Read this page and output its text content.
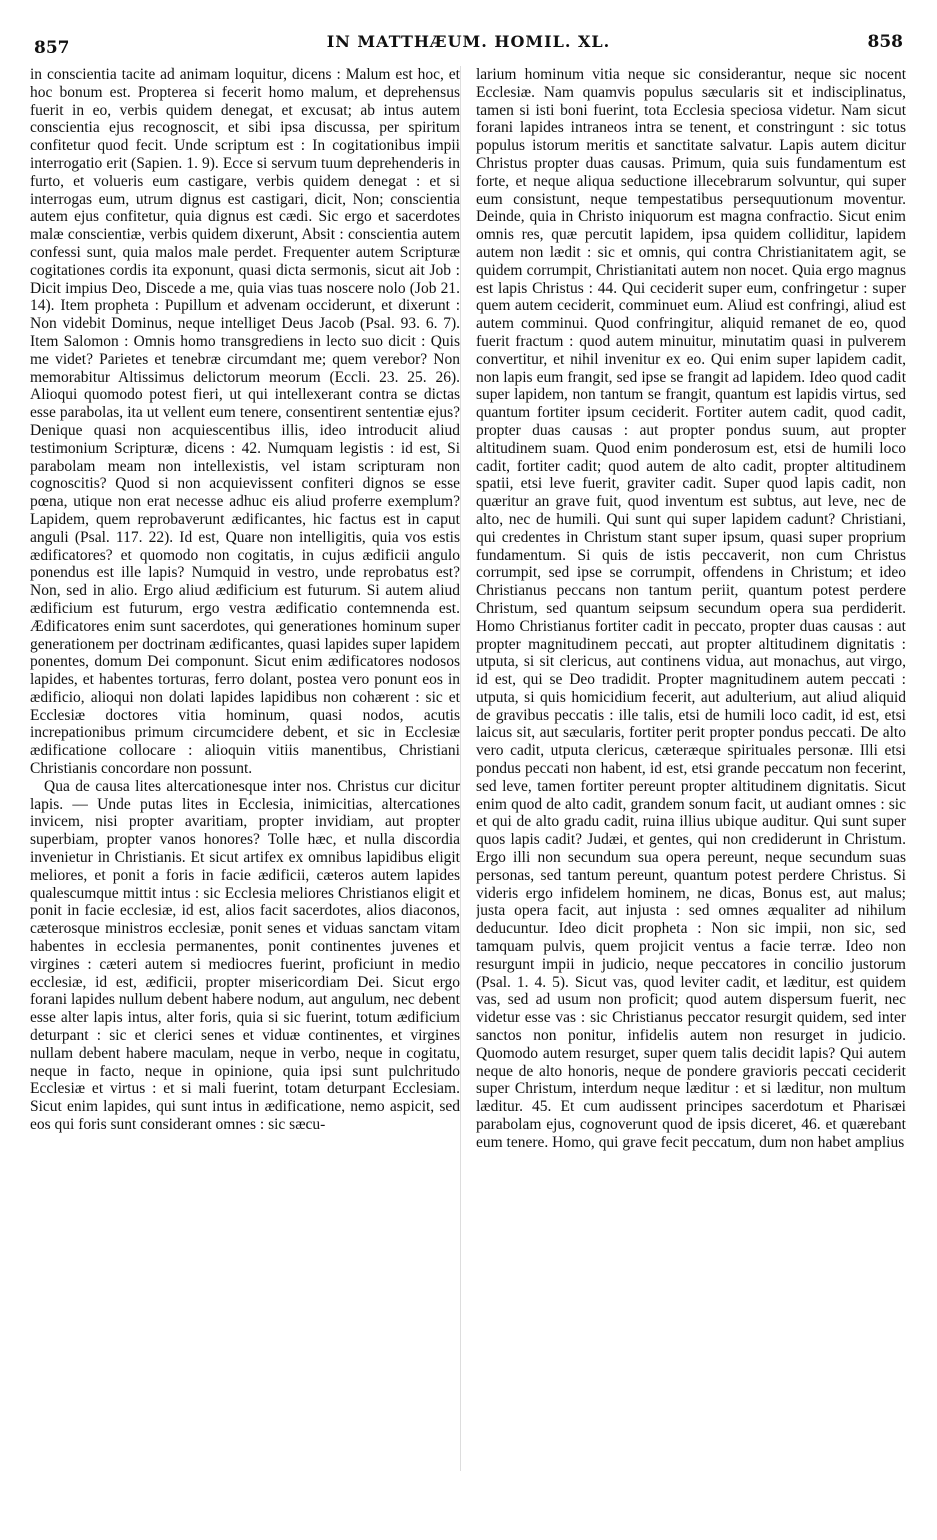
857	IN MATTHÆUM. HOMIL. XL.	858

in conscientia tacite ad animam loquitur, dicens : Malum est hoc, et hoc bonum est. Propterea si fecerit homo malum, et deprehensus fuerit in eo, verbis quidem denegat, et excusat; ab intus autem conscientia ejus recognoscit, et sibi ipsa discussa, per spiritum confitetur quod fecit. Unde scriptum est : In cogitationibus impii interrogatio erit (Sapien. 1. 9). Ecce si servum tuum deprehenderis in furto, et volueris eum castigare, verbis quidem denegat : et si interrogas eum, utrum dignus est castigari, dicit, Non; conscientia autem ejus confitetur, quia dignus est cædi. Sic ergo et sacerdotes malæ conscientiæ, verbis quidem dixerunt, Absit : conscientia autem confessi sunt, quia malos male perdet. Frequenter autem Scripturæ cogitationes cordis ita exponunt, quasi dicta sermonis, sicut ait Job : Dicit impius Deo, Discede a me, quia vias tuas noscere nolo (Job 21. 14). Item propheta : Pupillum et advenam occiderunt, et dixerunt : Non videbit Dominus, neque intelliget Deus Jacob (Psal. 93. 6. 7). Item Salomon : Omnis homo transgrediens in lecto suo dicit : Quis me videt? Parietes et tenebræ circumdant me; quem verebor? Non memorabitur Altissimus delictorum meorum (Eccli. 23. 25. 26). Alioqui quomodo potest fieri, ut qui intellexerant contra se dictas esse parabolas, ita ut vellent eum tenere, consentirent sententiæ ejus? Denique quasi non acquiescentibus illis, ideo introducit aliud testimonium Scripturæ, dicens : 42. Numquam legistis : id est, Si parabolam meam non intellexistis, vel istam scripturam non cognoscitis? Quod si non acquievissent confiteri dignos se esse pœna, utique non erat necesse adhuc eis aliud proferre exemplum? Lapidem, quem reprobaverunt ædificantes, hic factus est in caput anguli (Psal. 117. 22). Id est, Quare non intelligitis, quia vos estis ædificatores? et quomodo non cogitatis, in cujus ædificii angulo ponendus est ille lapis? Numquid in vestro, unde reprobatus est? Non, sed in alio. Ergo aliud ædificium est futurum. Si autem aliud ædificium est futurum, ergo vestra ædificatio contemnenda est. Ædificatores enim sunt sacerdotes, qui generationes hominum super generationem per doctrinam ædificantes, quasi lapides super lapidem ponentes, domum Dei componunt. Sicut enim ædificatores nodosos lapides, et habentes torturas, ferro dolant, postea vero ponunt eos in ædificio, alioqui non dolati lapides lapidibus non cohærent : sic et Ecclesiæ doctores vitia hominum, quasi nodos, acutis increpationibus primum circumcidere debent, et sic in Ecclesiæ ædificatione collocare : alioquin vitiis manentibus, Christiani Christianis concordare non possunt.

Qua de causa lites altercationesque inter nos. Christus cur dicitur lapis. — Unde putas lites in Ecclesia, inimicitias, altercationes invicem, nisi propter avaritiam, propter invidiam, aut propter superbiam, propter vanos honores? Tolle hæc, et nulla discordia invenietur in Christianis. Et sicut artifex ex omnibus lapidibus eligit meliores, et ponit a foris in facie ædificii, cæteros autem lapides qualescumque mittit intus : sic Ecclesia meliores Christianos eligit et ponit in facie ecclesiæ, id est, alios facit sacerdotes, alios diaconos, cæterosque ministros ecclesiæ, ponit senes et viduas sanctam vitam habentes in ecclesia permanentes, ponit continentes juvenes et virgines : cæteri autem si mediocres fuerint, proficiunt in medio ecclesiæ, id est, ædificii, propter misericordiam Dei. Sicut ergo forani lapides nullum debent habere nodum, aut angulum, nec debent esse alter lapis intus, alter foris, quia si sic fuerint, totum ædificium deturpant : sic et clerici senes et viduæ continentes, et virgines nullam debent habere maculam, neque in verbo, neque in cogitatu, neque in facto, neque in opinione, quia ipsi sunt pulchritudo Ecclesiæ et virtus : et si mali fuerint, totam deturpant Ecclesiam. Sicut enim lapides, qui sunt intus in ædificatione, nemo aspicit, sed eos qui foris sunt considerant omnes : sic sæcu-

larium hominum vitia neque sic considerantur, neque sic nocent Ecclesiæ. Nam quamvis populus sæcularis sit et indisciplinatus, tamen si isti boni fuerint, tota Ecclesia speciosa videtur. Nam sicut forani lapides intraneos intra se tenent, et constringunt : sic totus populus istorum meritis et sanctitate salvatur. Lapis autem dicitur Christus propter duas causas. Primum, quia suis fundamentum est forte, et neque aliqua seductione illecebrarum solvuntur, qui super eum consistunt, neque tempestatibus persequutionum moventur. Deinde, quia in Christo iniquorum est magna confractio. Sicut enim omnis res, quæ percutit lapidem, ipsa quidem colliditur, lapidem autem non lædit : sic et omnis, qui contra Christianitatem agit, se quidem corrumpit, Christianitati autem non nocet. Quia ergo magnus est lapis Christus : 44. Qui ceciderit super eum, confringetur : super quem autem ceciderit, comminuet eum. Aliud est confringi, aliud est autem comminui. Quod confringitur, aliquid remanet de eo, quod fuerit fractum : quod autem minuitur, minutatim quasi in pulverem convertitur, et nihil invenitur ex eo. Qui enim super lapidem cadit, non lapis eum frangit, sed ipse se frangit ad lapidem. Ideo quod cadit super lapidem, non tantum se frangit, quantum est lapidis virtus, sed quantum fortiter ipsum ceciderit. Fortiter autem cadit, quod cadit, propter duas causas : aut propter pondus suum, aut propter altitudinem suam. Quod enim ponderosum est, etsi de humili loco cadit, fortiter cadit; quod autem de alto cadit, propter altitudinem spatii, etsi leve fuerit, graviter cadit. Super quod lapis cadit, non quæritur an grave fuit, quod inventum est subtus, aut leve, nec de alto, nec de humili. Qui sunt qui super lapidem cadunt? Christiani, qui credentes in Christum stant super ipsum, quasi super proprium fundamentum. Si quis de istis peccaverit, non cum Christus corrumpit, sed ipse se corrumpit, offendens in Christum; et ideo Christianus peccans non tantum periit, quantum potest perdere Christum, sed quantum seipsum secundum opera sua perdiderit. Homo Christianus fortiter cadit in peccato, propter duas causas : aut propter magnitudinem peccati, aut propter altitudinem dignitatis : utputa, si sit clericus, aut continens vidua, aut monachus, aut virgo, id est, qui se Deo tradidit. Propter magnitudinem autem peccati : utputa, si quis homicidium fecerit, aut adulterium, aut aliud aliquid de gravibus peccatis : ille talis, etsi de humili loco cadit, id est, etsi laicus sit, aut sæcularis, fortiter perit propter pondus peccati. De alto vero cadit, utputa clericus, cæteræque spirituales personæ. Illi etsi pondus peccati non habent, id est, etsi grande peccatum non fecerint, sed leve, tamen fortiter pereunt propter altitudinem dignitatis. Sicut enim quod de alto cadit, grandem sonum facit, ut audiant omnes : sic et qui de alto gradu cadit, ruina illius ubique auditur. Qui sunt super quos lapis cadit? Judæi, et gentes, qui non crediderunt in Christum. Ergo illi non secundum sua opera pereunt, neque secundum suas personas, sed tantum pereunt, quantum potest perdere Christus. Si videris ergo infidelem hominem, ne dicas, Bonus est, aut malus; justa opera facit, aut injusta : sed omnes æqualiter ad nihilum deducuntur. Ideo dicit propheta : Non sic impii, non sic, sed tamquam pulvis, quem projicit ventus a facie terræ. Ideo non resurgunt impii in judicio, neque peccatores in concilio justorum (Psal. 1. 4. 5). Sicut vas, quod leviter cadit, et læditur, est quidem vas, sed ad usum non proficit; quod autem dispersum fuerit, nec videtur esse vas : sic Christianus peccator resurgit quidem, sed inter sanctos non ponitur, infidelis autem non resurget in judicio. Quomodo autem resurget, super quem talis decidit lapis? Qui autem neque de alto honoris, neque de pondere gravioris peccati ceciderit super Christum, interdum neque læditur : et si læditur, non multum læditur. 45. Et cum audissent principes sacerdotum et Pharisæi parabolam ejus, cognoverunt quod de ipsis diceret, 46. et quærebant eum tenere. Homo, qui grave fecit peccatum, dum non habet amplius
